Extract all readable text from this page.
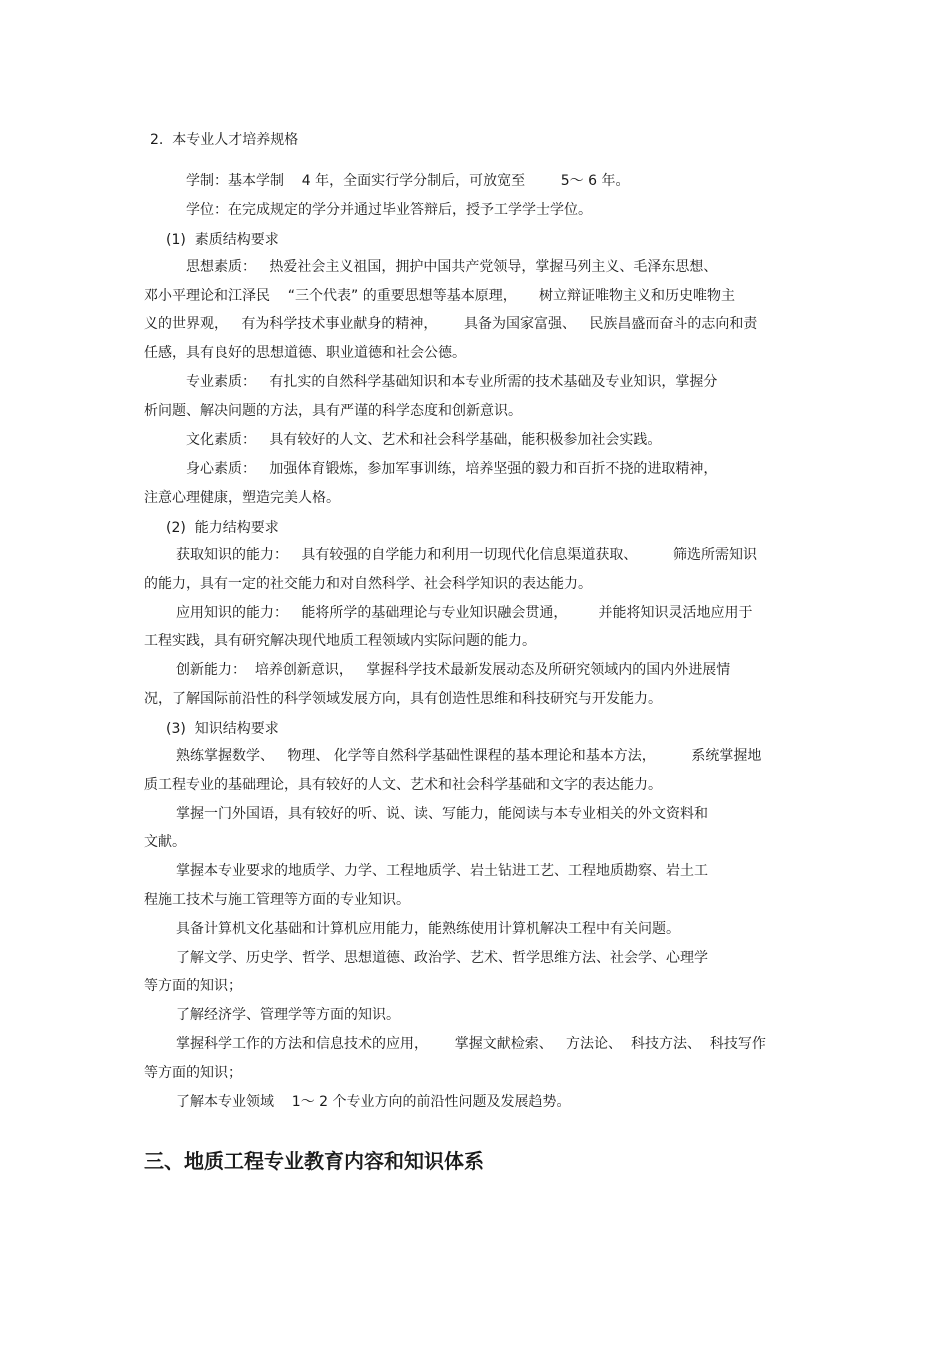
2.  本专业人才培养规格

学制：基本学制    4 年，全面实行学分制后，可放宽至        5～ 6 年。

学位：在完成规定的学分并通过毕业答辩后，授予工学学士学位。

(1)  素质结构要求

思想素质：   热爱社会主义祖国，拥护中国共产党领导，掌握马列主义、毛泽东思想、

邓小平理论和江泽民    “三个代表” 的重要思想等基本原理，     树立辩证唯物主义和历史唯物主

义的世界观，   有为科学技术事业献身的精神，      具备为国家富强、   民族昌盛而奋斗的志向和责

任感，具有良好的思想道德、职业道德和社会公德。

专业素质：   有扎实的自然科学基础知识和本专业所需的技术基础及专业知识，掌握分

析问题、解决问题的方法，具有严谨的科学态度和创新意识。

文化素质：   具有较好的人文、艺术和社会科学基础，能积极参加社会实践。

身心素质：   加强体育锻炼，参加军事训练，培养坚强的毅力和百折不挠的进取精神，

注意心理健康，塑造完美人格。

(2)  能力结构要求

获取知识的能力：   具有较强的自学能力和利用一切现代化信息渠道获取、        筛选所需知识

的能力，具有一定的社交能力和对自然科学、社会科学知识的表达能力。

应用知识的能力：   能将所学的基础理论与专业知识融会贯通，       并能将知识灵活地应用于

工程实践，具有研究解决现代地质工程领域内实际问题的能力。

创新能力：  培养创新意识，   掌握科学技术最新发展动态及所研究领域内的国内外进展情

况，了解国际前沿性的科学领域发展方向，具有创造性思维和科技研究与开发能力。

(3)  知识结构要求

熟练掌握数学、   物理、 化学等自然科学基础性课程的基本理论和基本方法，        系统掌握地

质工程专业的基础理论，具有较好的人文、艺术和社会科学基础和文字的表达能力。

掌握一门外国语，具有较好的听、说、读、写能力，能阅读与本专业相关的外文资料和

文献。

掌握本专业要求的地质学、力学、工程地质学、岩土钻进工艺、工程地质勘察、岩土工

程施工技术与施工管理等方面的专业知识。

具备计算机文化基础和计算机应用能力，能熟练使用计算机解决工程中有关问题。

了解文学、历史学、哲学、思想道德、政治学、艺术、哲学思维方法、社会学、心理学

等方面的知识；

了解经济学、管理学等方面的知识。

掌握科学工作的方法和信息技术的应用，      掌握文献检索、   方法论、  科技方法、  科技写作

等方面的知识；

了解本专业领域    1～ 2 个专业方向的前沿性问题及发展趋势。

三、地质工程专业教育内容和知识体系
